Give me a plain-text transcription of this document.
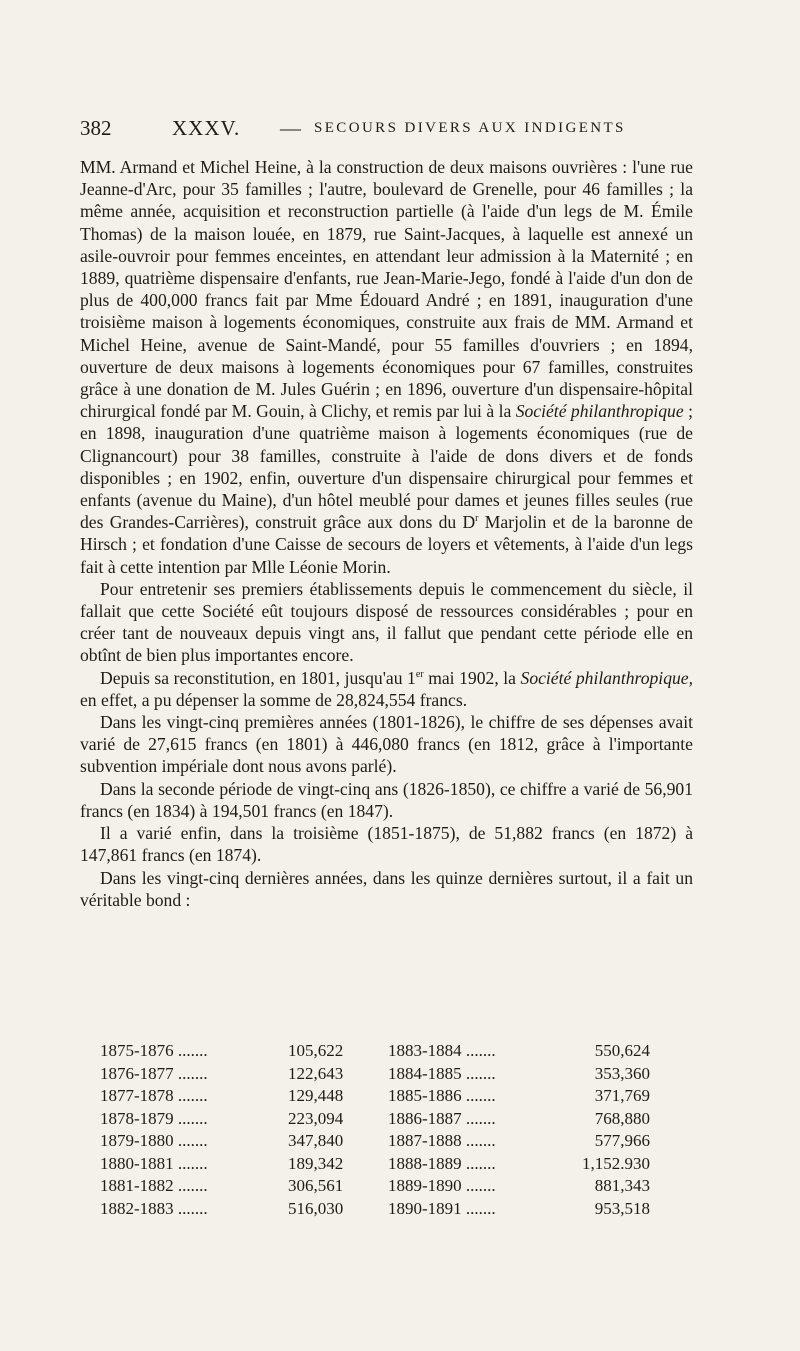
382	XXXV. — SECOURS DIVERS AUX INDIGENTS

MM. Armand et Michel Heine, à la construction de deux maisons ouvrières : l'une rue Jeanne-d'Arc, pour 35 familles ; l'autre, boulevard de Grenelle, pour 46 familles ; la même année, acquisition et reconstruction partielle (à l'aide d'un legs de M. Émile Thomas) de la maison louée, en 1879, rue Saint-Jacques, à laquelle est annexé un asile-ouvroir pour femmes enceintes, en attendant leur admission à la Maternité ; en 1889, quatrième dispensaire d'enfants, rue Jean-Marie-Jego, fondé à l'aide d'un don de plus de 400,000 francs fait par Mme Édouard André ; en 1891, inauguration d'une troisième maison à logements économiques, construite aux frais de MM. Armand et Michel Heine, avenue de Saint-Mandé, pour 55 familles d'ouvriers ; en 1894, ouverture de deux maisons à logements économiques pour 67 familles, construites grâce à une donation de M. Jules Guérin ; en 1896, ouverture d'un dispensaire-hôpital chirurgical fondé par M. Gouin, à Clichy, et remis par lui à la Société philanthropique ; en 1898, inauguration d'une quatrième maison à logements économiques (rue de Clignancourt) pour 38 familles, construite à l'aide de dons divers et de fonds disponibles ; en 1902, enfin, ouverture d'un dispensaire chirurgical pour femmes et enfants (avenue du Maine), d'un hôtel meublé pour dames et jeunes filles seules (rue des Grandes-Carrières), construit grâce aux dons du $D^r$ Marjolin et de la baronne de Hirsch ; et fondation d'une Caisse de secours de loyers et vêtements, à l'aide d'un legs fait à cette intention par Mlle Léonie Morin.

Pour entretenir ses premiers établissements depuis le commencement du siècle, il fallait que cette Société eût toujours disposé de ressources considérables ; pour en créer tant de nouveaux depuis vingt ans, il fallut que pendant cette période elle en obtînt de bien plus importantes encore.

Depuis sa reconstitution, en 1801, jusqu'au 1er mai 1902, la Société philanthropique, en effet, a pu dépenser la somme de 28,824,554 francs.

Dans les vingt-cinq premières années (1801-1826), le chiffre de ses dépenses avait varié de 27,615 francs (en 1801) à 446,080 francs (en 1812, grâce à l'importante subvention impériale dont nous avons parlé).

Dans la seconde période de vingt-cinq ans (1826-1850), ce chiffre a varié de 56,901 francs (en 1834) à 194,501 francs (en 1847).

Il a varié enfin, dans la troisième (1851-1875), de 51,882 francs (en 1872) à 147,861 francs (en 1874).

Dans les vingt-cinq dernières années, dans les quinze dernières surtout, il a fait un véritable bond :

1875-1876 .......	105,622	1883-1884 .......	550,624
1876-1877 .......	122,643	1884-1885 .......	353,360
1877-1878 .......	129,448	1885-1886 .......	371,769
1878-1879 .......	223,094	1886-1887 .......	768,880
1879-1880 .......	347,840	1887-1888 .......	577,966
1880-1881 .......	189,342	1888-1889 .......	1,152.930
1881-1882 .......	306,561	1889-1890 .......	881,343
1882-1883 .......	516,030	1890-1891 .......	953,518
